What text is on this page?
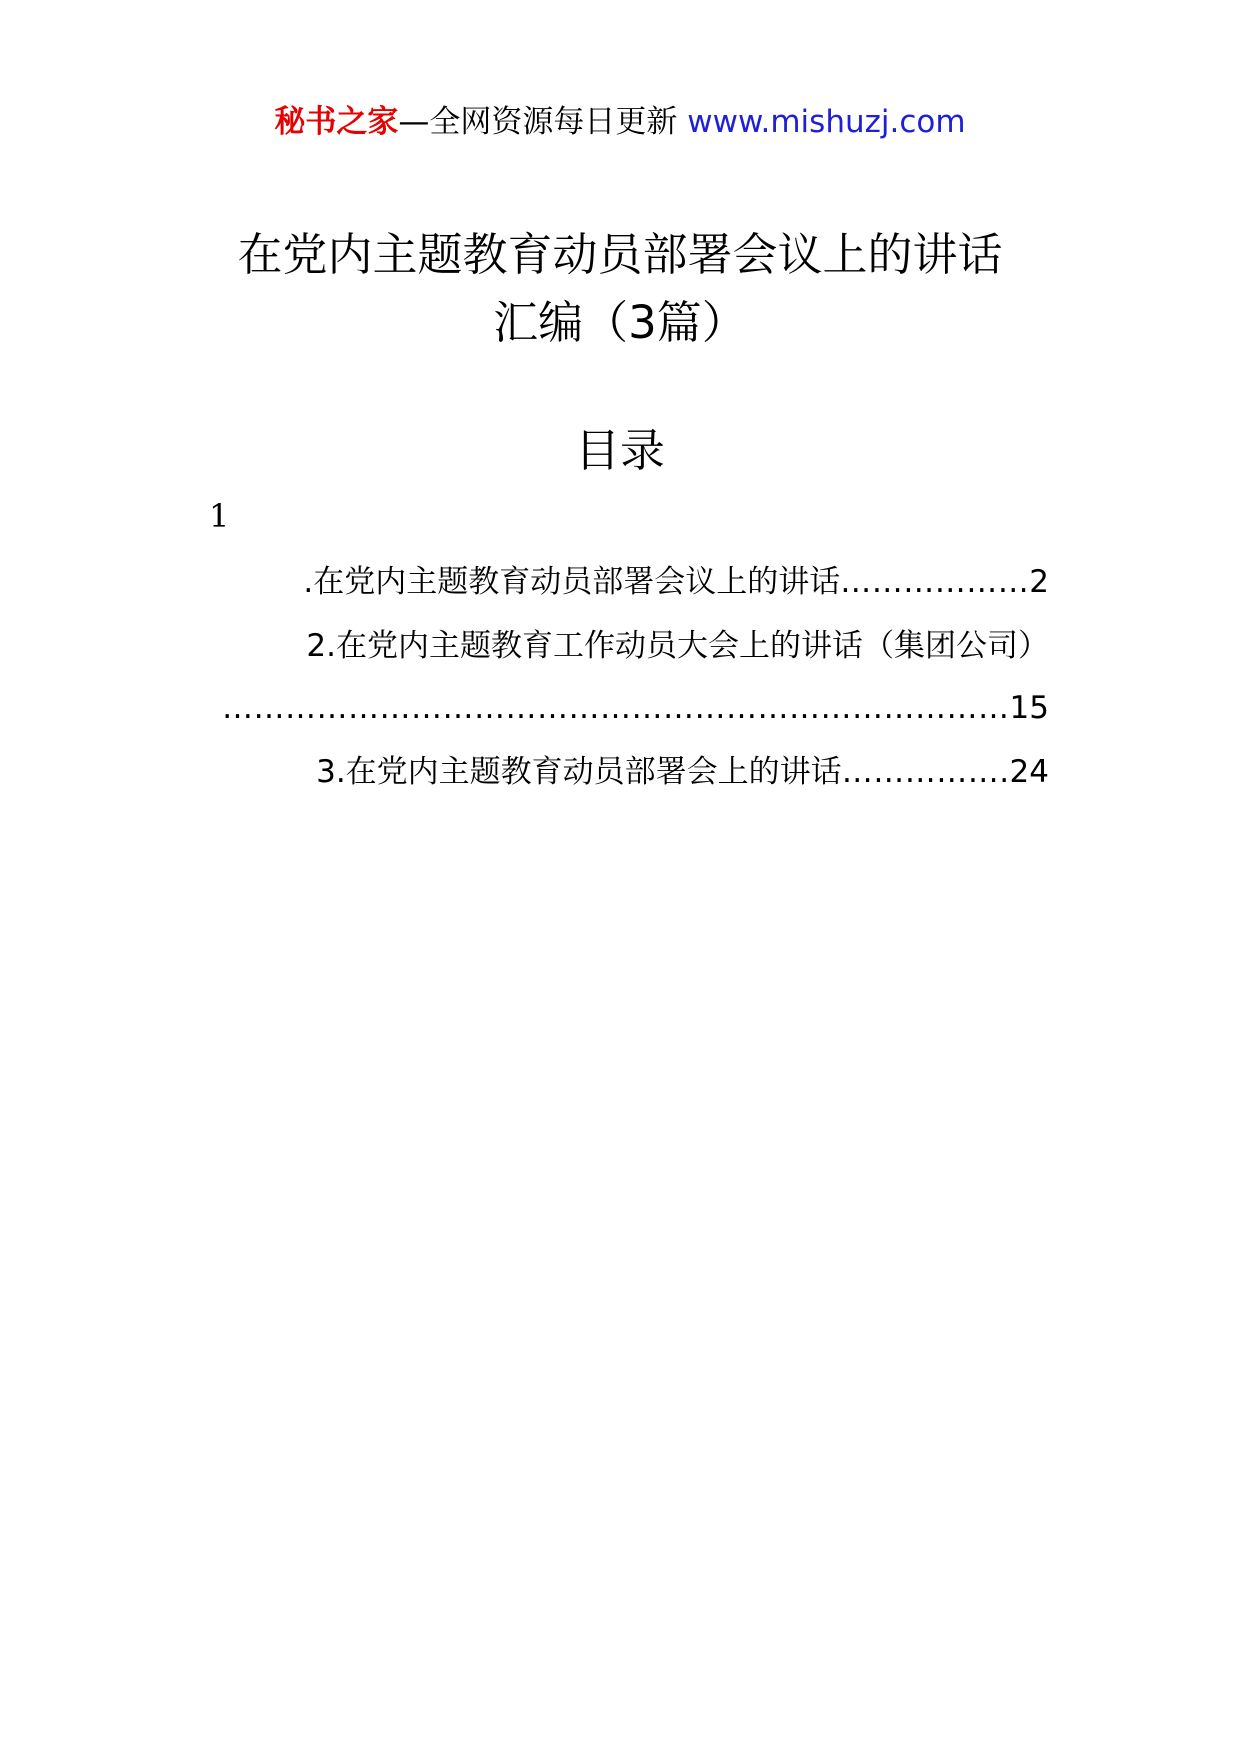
秘书之家—全网资源每日更新 www.mishuzj.com
在党内主题教育动员部署会议上的讲话
汇编（3篇）
目录
1
.在党内主题教育动员部署会议上的讲话………………2
2.在党内主题教育工作动员大会上的讲话（集团公司）
…………………………………………………………………15
3.在党内主题教育动员部署会上的讲话…………….24
